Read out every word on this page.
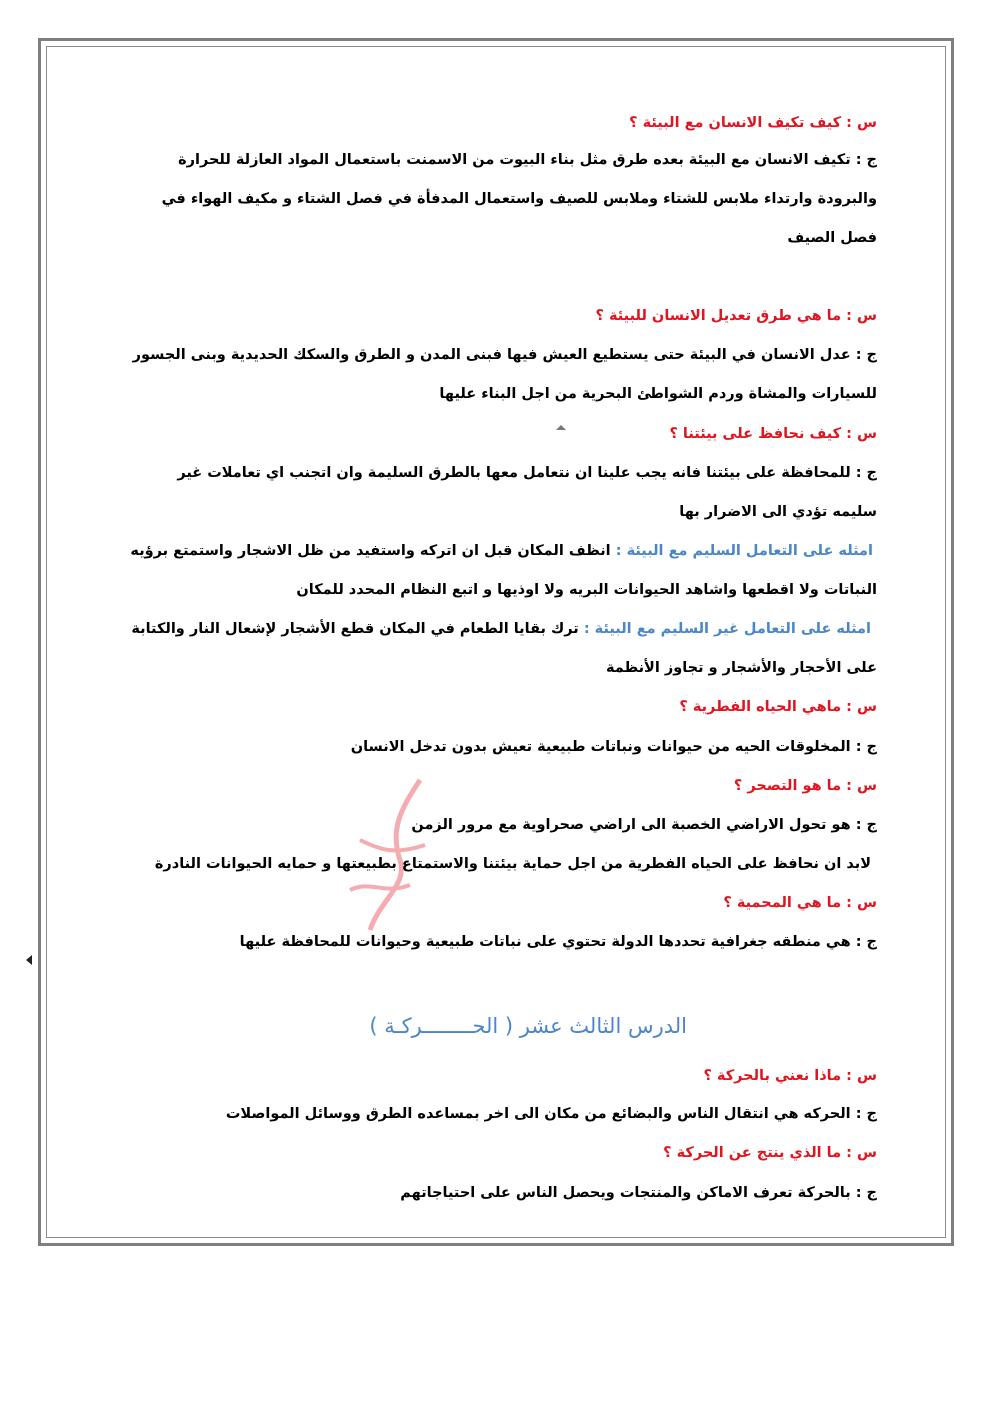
س : كيف تكيف الانسان مع البيئة ؟
ج : تكيف الانسان مع البيئة بعده طرق مثل بناء البيوت من الاسمنت باستعمال المواد العازلة للحرارة
والبرودة وارتداء ملابس للشتاء وملابس للصيف واستعمال المدفأة في فصل الشتاء و مكيف الهواء في
فصل الصيف
س : ما هي طرق تعديل الانسان للبيئة ؟
ج : عدل الانسان في البيئة حتى يستطيع العيش فيها فبنى المدن و الطرق والسكك الحديدية وبنى الجسور
للسيارات والمشاة وردم الشواطئ البحرية من اجل البناء عليها
س : كيف نحافظ على بيئتنا ؟
ج : للمحافظة على بيئتنا فانه يجب علينا ان نتعامل معها بالطرق السليمة وان اتجنب اي تعاملات غير
سليمه تؤدي الى الاضرار بها
امثله على التعامل السليم مع البيئة : انظف المكان قبل ان اتركه واستفيد من ظل الاشجار واستمتع برؤيه
النباتات ولا اقطعها واشاهد الحيوانات البريه ولا اوذيها و اتبع النظام المحدد للمكان
امثله على التعامل غير السليم مع البيئة : ترك بقايا الطعام في المكان قطع الأشجار لإشعال النار والكتابة
على الأحجار والأشجار و تجاوز الأنظمة
س : ماهي الحياه الفطرية ؟
ج : المخلوقات الحيه من حيوانات ونباتات طبيعية تعيش بدون تدخل الانسان
س : ما هو التصحر ؟
ج : هو تحول الاراضي الخصبة الى اراضي صحراوية مع مرور الزمن
لابد ان نحافظ على الحياه الفطرية من اجل حماية بيئتنا والاستمتاع بطبيعتها و حمايه الحيوانات النادرة
س : ما هي المحمية ؟
ج : هي منطقه جغرافية تحددها الدولة تحتوي على نباتات طبيعية وحيوانات للمحافظة عليها
الدرس الثالث عشر ( الحــــــــركـة )
س : ماذا نعني بالحركة ؟
ج : الحركه هي انتقال الناس والبضائع من مكان الى اخر بمساعده الطرق ووسائل المواصلات
س : ما الذي ينتج عن الحركة ؟
ج : بالحركة تعرف الاماكن والمنتجات ويحصل الناس على احتياجاتهم
